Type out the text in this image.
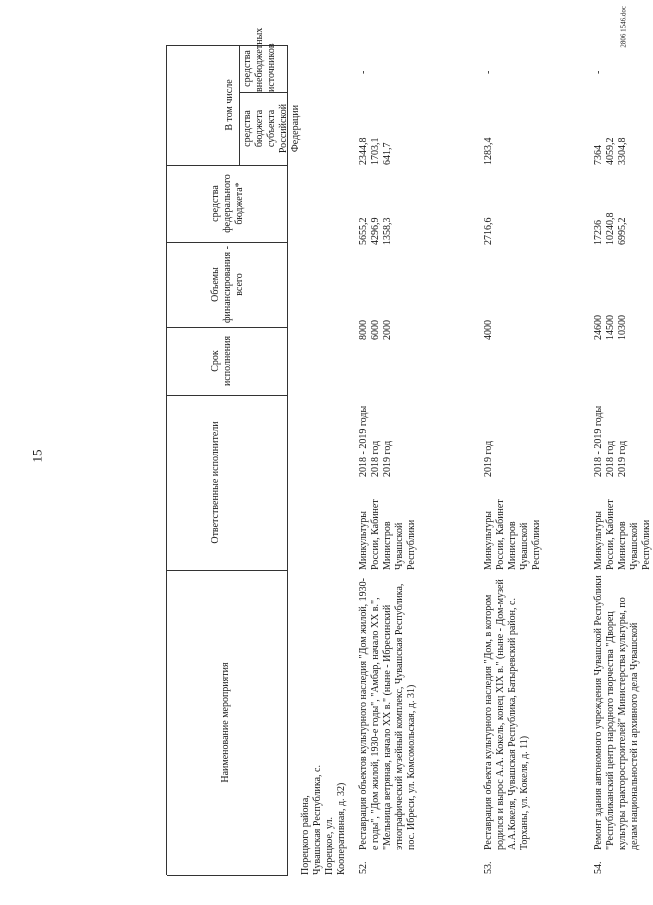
15
2806 1546.doc
средства внебюджетных источников
средства бюджета субъекта Российской Федерации
В том числе
средства федерального бюджета*
Объемы финансирования - всего
Срок исполнения
Ответственные исполнители
Наименование мероприятия
Порецкого района, Чувашская Республика, с. Порецкое, ул. Кооперативная, д. 32) 52.
Реставрация объектов культурного наследия "Дом жилой, 1930-е годы", "Дом жилой, 1930-е годы", "Амбар, начало XX в.", "Мельница ветряная, начало XX в." (ныне - Ибресинский этнографический музейный комплекс, Чувашская Республика, пос. Ибреси, ул. Комсомольская, д. 31)
Минкультуры России, Кабинет Министров Чувашской Республики
2018 - 2019 годы 2018 год 2019 год
8000 6000 2000
5655,2 4296,9 1358,3
2344,8 1703,1 641,7
-
53.
Реставрация объекта культурного наследия "Дом, в котором родился и вырос А.А. Кокель, конец XIX в." (ныне - Дом-музей А.А.Кокеля, Чувашская Республика, Батыревский район, с. Торханы, ул. Кокеля, д. 11)
Минкультуры России, Кабинет Министров Чувашской Республики
2019 год
4000
2716,6
1283,4
-
54.
Ремонт здания автономного учреждения Чувашской Республики "Республиканский центр народного творчества "Дворец культуры тракторостроителей" Министерства культуры, по делам национальностей и архивного дела Чувашской
Минкультуры России, Кабинет Министров Чувашской Республики
2018 - 2019 годы 2018 год 2019 год
24600 14500 10300
17236 10240,8 6995,2
7364 4059,2 3304,8
-
